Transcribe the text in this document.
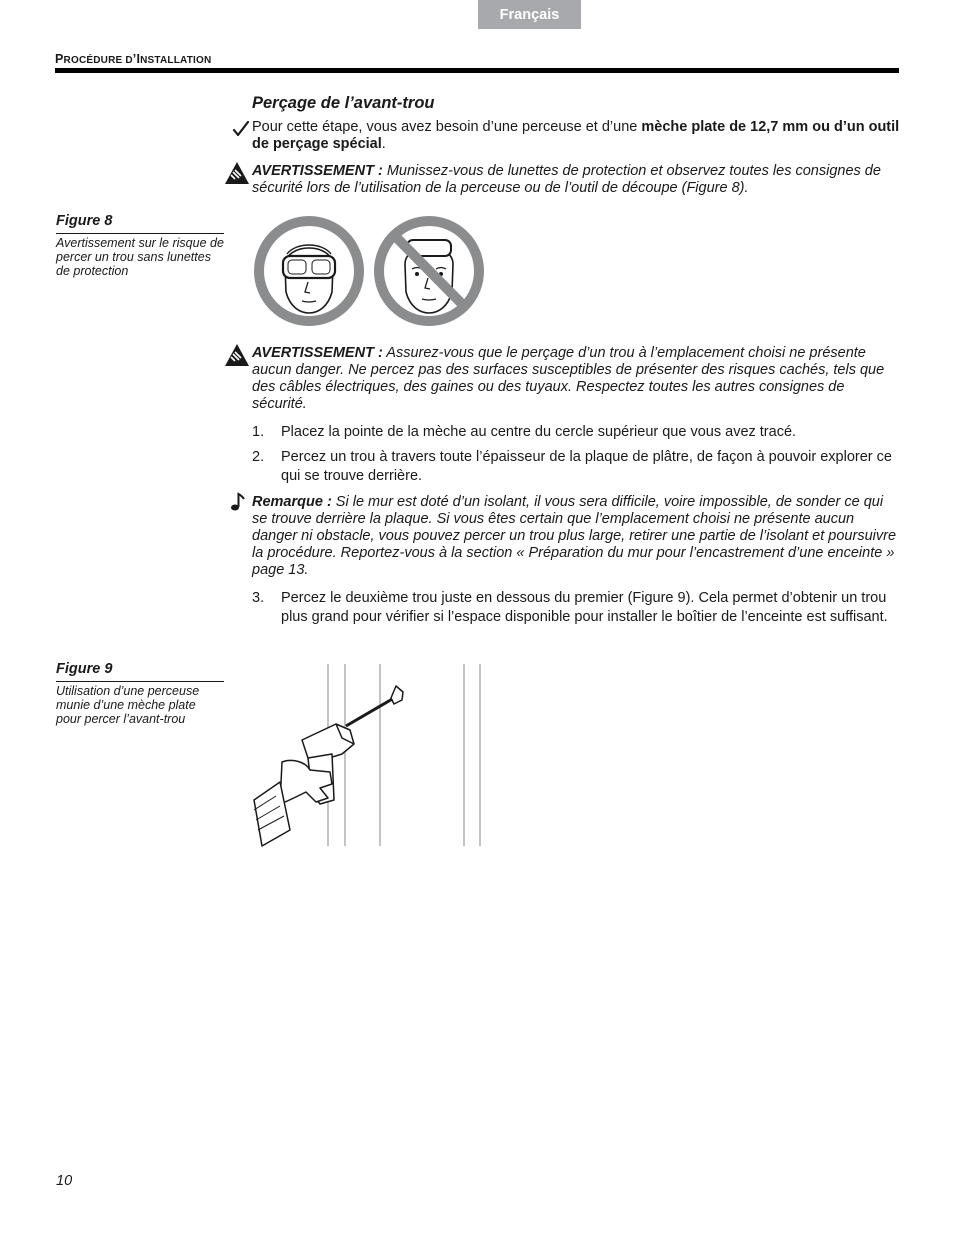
Français
PROCÉDURE D’INSTALLATION
Perçage de l’avant-trou
Pour cette étape, vous avez besoin d’une perceuse et d’une mèche plate de 12,7 mm ou d’un outil de perçage spécial.
AVERTISSEMENT : Munissez-vous de lunettes de protection et observez toutes les consignes de sécurité lors de l’utilisation de la perceuse ou de l’outil de découpe (Figure 8).
Figure 8
Avertissement sur le risque de percer un trou sans lunettes de protection
AVERTISSEMENT : Assurez-vous que le perçage d’un trou à l’emplacement choisi ne présente aucun danger. Ne percez pas des surfaces susceptibles de présenter des risques cachés, tels que des câbles électriques, des gaines ou des tuyaux. Respectez toutes les autres consignes de sécurité.
1.	Placez la pointe de la mèche au centre du cercle supérieur que vous avez tracé.
2.	Percez un trou à travers toute l’épaisseur de la plaque de plâtre, de façon à pouvoir explorer ce qui se trouve derrière.
Remarque : Si le mur est doté d’un isolant, il vous sera difficile, voire impossible, de sonder ce qui se trouve derrière la plaque. Si vous êtes certain que l’emplacement choisi ne présente aucun danger ni obstacle, vous pouvez percer un trou plus large, retirer une partie de l’isolant et poursuivre la procédure. Reportez-vous à la section « Préparation du mur pour l’encastrement d’une enceinte » page 13.
3.	Percez le deuxième trou juste en dessous du premier (Figure 9). Cela permet d’obtenir un trou plus grand pour vérifier si l’espace disponible pour installer le boîtier de l’enceinte est suffisant.
Figure 9
Utilisation d’une perceuse munie d’une mèche plate pour percer l’avant-trou
10
